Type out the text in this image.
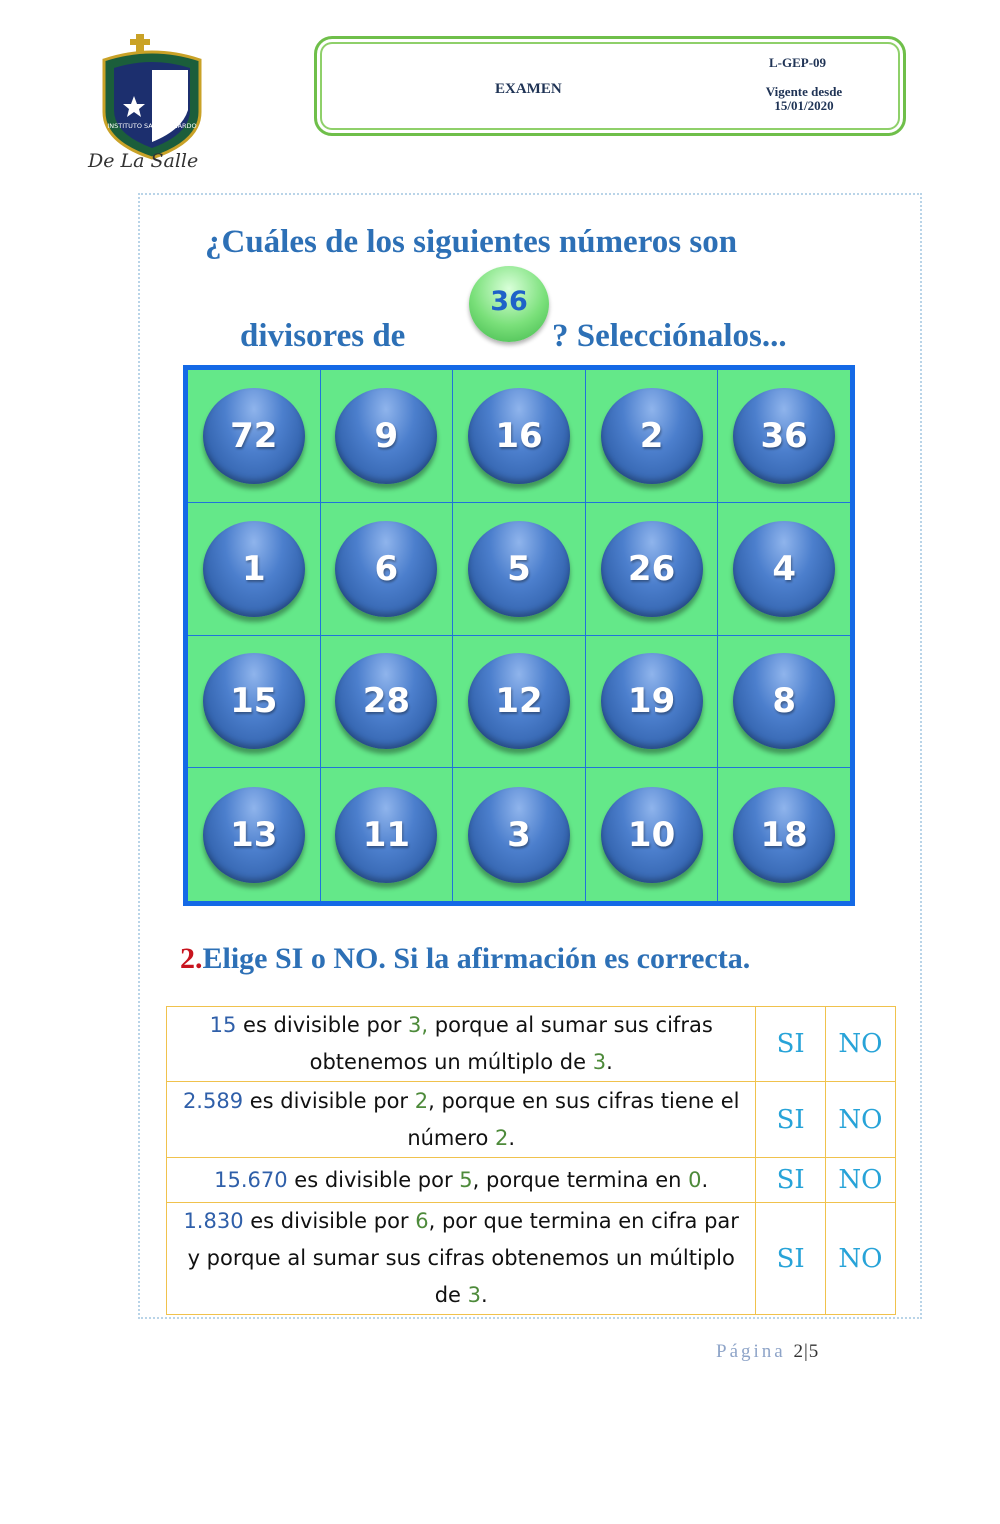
INSTITUTO SAN BERNARDO
De La Salle
EXAMEN
L-GEP-09
Vigente desde
15/01/2020
¿Cuáles de los siguientes números son
divisores de
36
? Selecciónalos...
72	9	16	2	36
1	6	5	26	4
15	28	12	19	8
13	11	3	10	18
2.Elige SI o NO. Si la afirmación es correcta.
15 es divisible por 3, porque al sumar sus cifras obtenemos un múltiplo de 3.	SI	NO
2.589 es divisible por 2, porque en sus cifras tiene el número 2.	SI	NO
15.670 es divisible por 5, porque termina en 0.	SI	NO
1.830 es divisible por 6, por que termina en cifra par y porque al sumar sus cifras obtenemos un múltiplo de 3.	SI	NO
Página 2|5
